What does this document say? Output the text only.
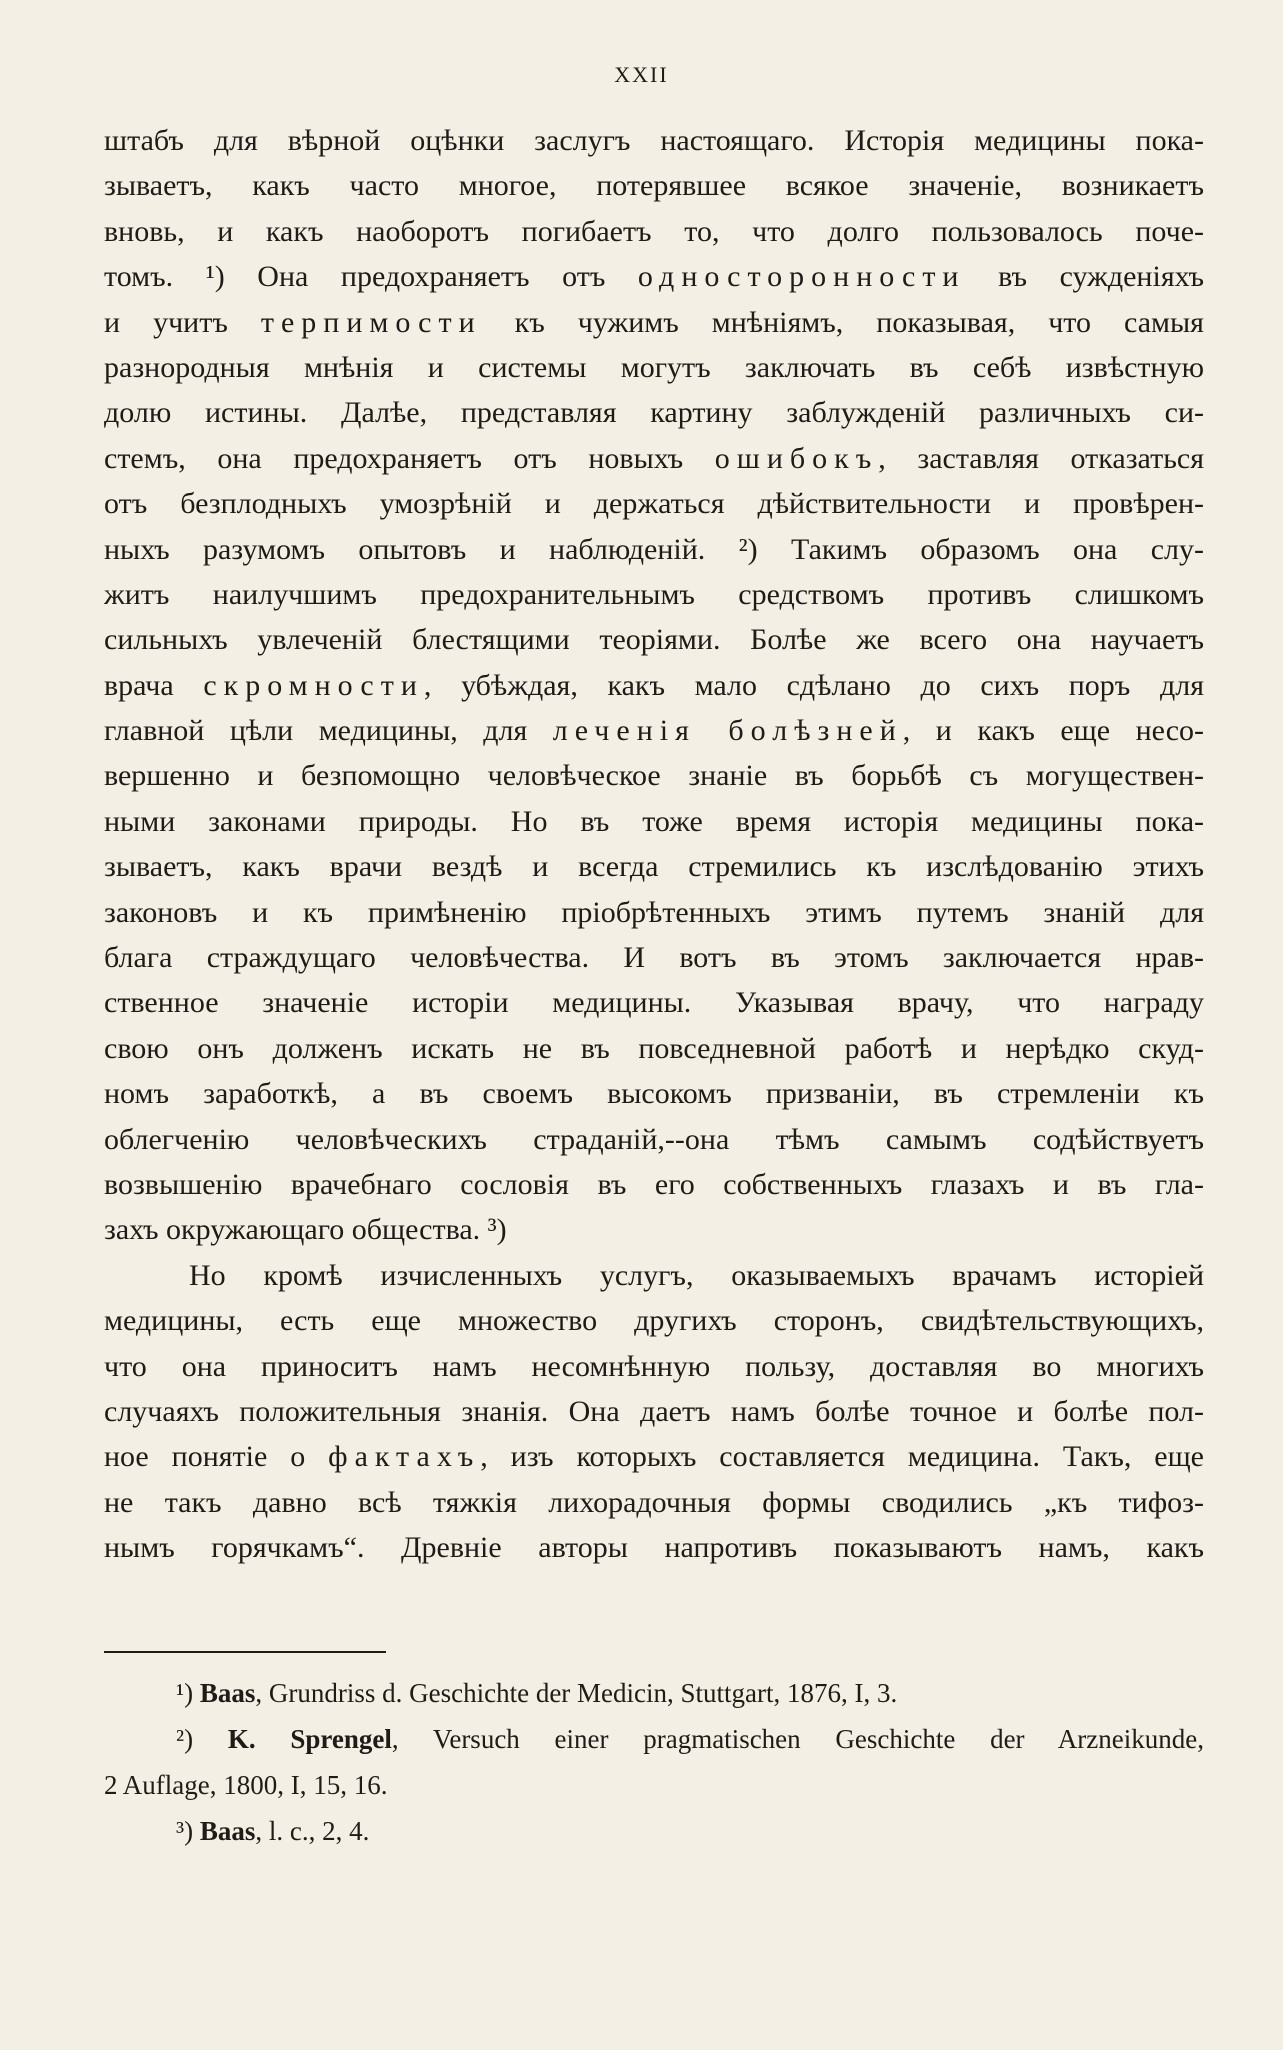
XXII
штабъ для вѣрной оцѣнки заслугъ настоящаго. Исторія медицины пока-
зываетъ, какъ часто многое, потерявшее всякое значеніе, возникаетъ
вновь, и какъ наоборотъ погибаетъ то, что долго пользовалось поче-
томъ. ¹) Она предохраняетъ отъ односторонности въ сужденіяхъ
и учитъ терпимости къ чужимъ мнѣніямъ, показывая, что самыя
разнородныя мнѣнія и системы могутъ заключать въ себѣ извѣстную
долю истины. Далѣе, представляя картину заблужденій различныхъ си-
стемъ, она предохраняетъ отъ новыхъ ошибокъ, заставляя отказаться
отъ безплодныхъ умозрѣній и держаться дѣйствительности и провѣрен-
ныхъ разумомъ опытовъ и наблюденій. ²) Такимъ образомъ она слу-
житъ наилучшимъ предохранительнымъ средствомъ противъ слишкомъ
сильныхъ увлеченій блестящими теоріями. Болѣе же всего она научаетъ
врача скромности, убѣждая, какъ мало сдѣлано до сихъ поръ для
главной цѣли медицины, для леченія болѣзней, и какъ еще несо-
вершенно и безпомощно человѣческое знаніе въ борьбѣ съ могуществен-
ными законами природы. Но въ тоже время исторія медицины пока-
зываетъ, какъ врачи вездѣ и всегда стремились къ изслѣдованію этихъ
законовъ и къ примѣненію пріобрѣтенныхъ этимъ путемъ знаній для
блага страждущаго человѣчества. И вотъ въ этомъ заключается нрав-
ственное значеніе исторіи медицины. Указывая врачу, что награду
свою онъ долженъ искать не въ повседневной работѣ и нерѣдко скуд-
номъ заработкѣ, а въ своемъ высокомъ призваніи, въ стремленіи къ
облегченію человѣческихъ страданій,--она тѣмъ самымъ содѣйствуетъ
возвышенію врачебнаго сословія въ его собственныхъ глазахъ и въ гла-
захъ окружающаго общества. ³)
Но кромѣ изчисленныхъ услугъ, оказываемыхъ врачамъ исторіей
медицины, есть еще множество другихъ сторонъ, свидѣтельствующихъ,
что она приноситъ намъ несомнѣнную пользу, доставляя во многихъ
случаяхъ положительныя знанія. Она даетъ намъ болѣе точное и болѣе пол-
ное понятіе о фактахъ, изъ которыхъ составляется медицина. Такъ, еще
не такъ давно всѣ тяжкія лихорадочныя формы сводились „къ тифоз-
нымъ горячкамъ“. Древніе авторы напротивъ показываютъ намъ, какъ
¹) Baas, Grundriss d. Geschichte der Medicin, Stuttgart, 1876, I, 3.
²) K. Sprengel, Versuch einer pragmatischen Geschichte der Arzneikunde,
2 Auflage, 1800, I, 15, 16.
³) Baas, l. c., 2, 4.
